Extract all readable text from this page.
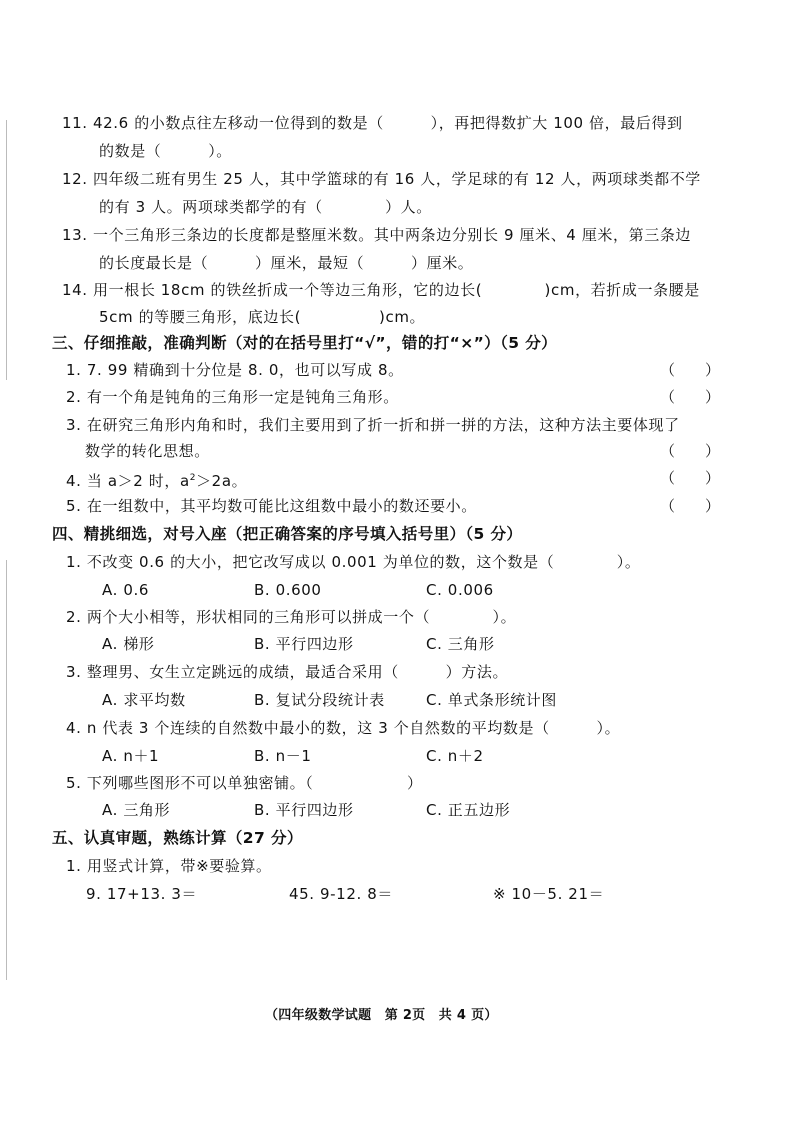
11. 42.6 的小数点往左移动一位得到的数是（　　　），再把得数扩大 100 倍，最后得到
的数是（　　　）。
12. 四年级二班有男生 25 人，其中学篮球的有 16 人，学足球的有 12 人，两项球类都不学
的有 3 人。两项球类都学的有（　　　　）人。
13. 一个三角形三条边的长度都是整厘米数。其中两条边分别长 9 厘米、4 厘米，第三条边
的长度最长是（　　　）厘米，最短（　　　）厘米。
14. 用一根长 18cm 的铁丝折成一个等边三角形，它的边长(　　　　)cm，若折成一条腰是
5cm 的等腰三角形，底边长(　　　　　)cm。
三、仔细推敲，准确判断（对的在括号里打“√”，错的打“×”）（5 分）
1. 7. 99 精确到十分位是 8. 0，也可以写成 8。	（　　）
2. 有一个角是钝角的三角形一定是钝角三角形。	（　　）
3. 在研究三角形内角和时，我们主要用到了折一折和拼一拼的方法，这种方法主要体现了
数学的转化思想。	（　　）
4. 当 a＞2 时，$a^2>2a$。	（　　）
5. 在一组数中，其平均数可能比这组数中最小的数还要小。	（　　）
四、精挑细选，对号入座（把正确答案的序号填入括号里）（5 分）
1. 不改变 0.6 的大小，把它改写成以 0.001 为单位的数，这个数是（　　　　）。
A. 0.6	B. 0.600	C. 0.006
2. 两个大小相等，形状相同的三角形可以拼成一个（　　　　）。
A. 梯形	B. 平行四边形	C. 三角形
3. 整理男、女生立定跳远的成绩，最适合采用（　　　）方法。
A. 求平均数	B. 复试分段统计表	C. 单式条形统计图
4. n 代表 3 个连续的自然数中最小的数，这 3 个自然数的平均数是（　　　）。
A. n＋1	B. n－1	C. n＋2
5. 下列哪些图形不可以单独密铺。（　　　　　　）
A. 三角形	B. 平行四边形	C. 正五边形
五、认真审题，熟练计算（27 分）
1. 用竖式计算，带※要验算。
9. 17+13. 3＝	45. 9-12. 8＝	※ 10－5. 21＝
（四年级数学试题　第 2页　共 4 页）
